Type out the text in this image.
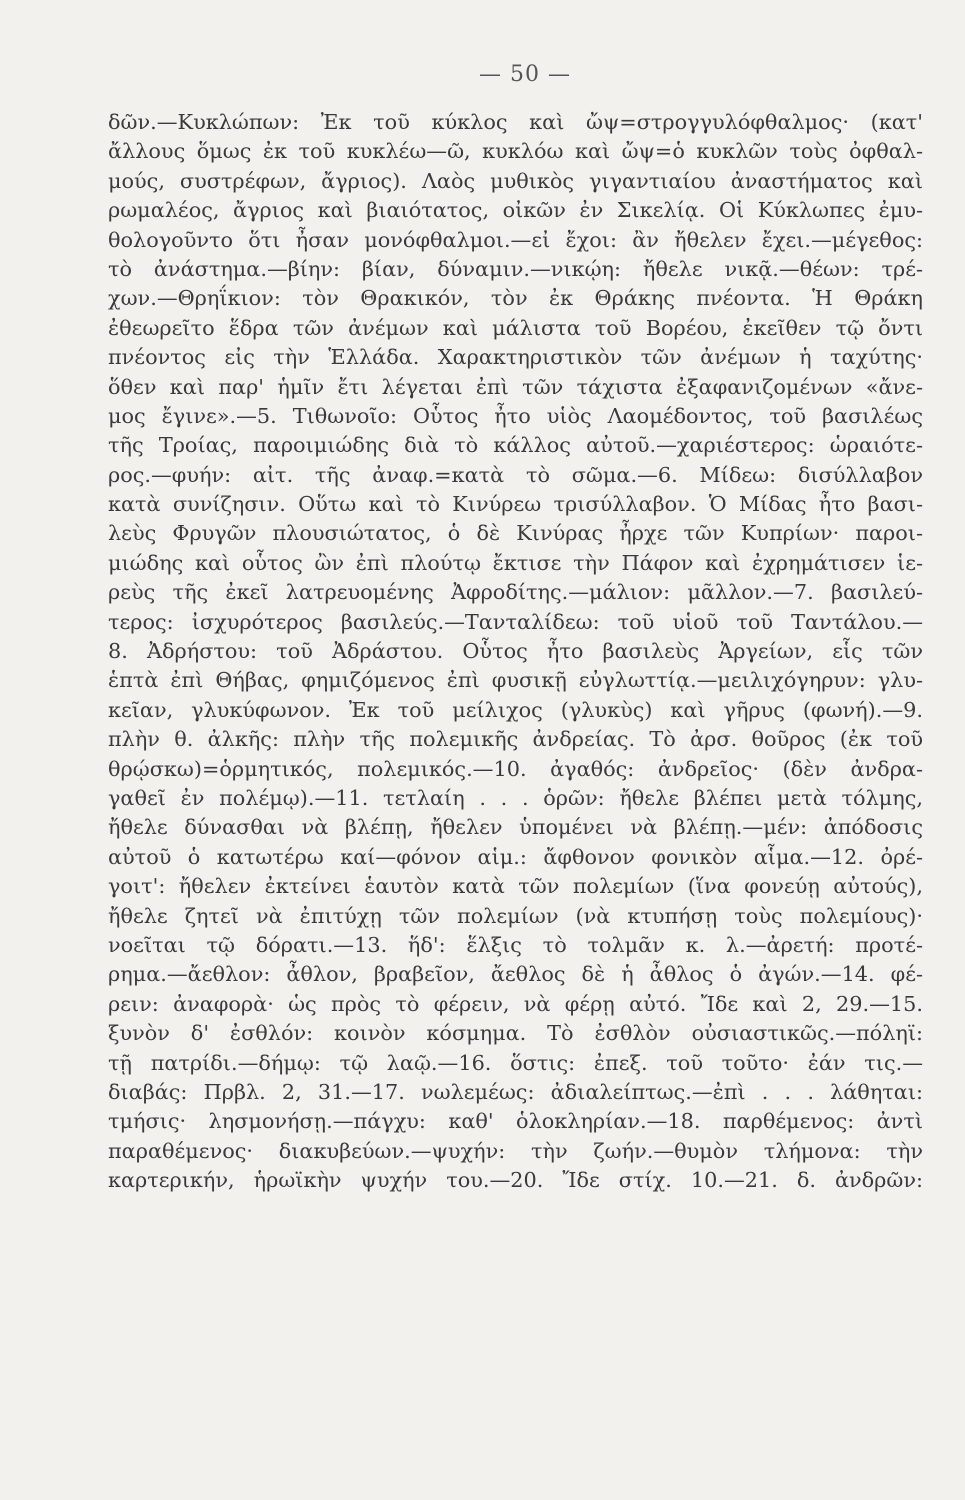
— 50 —
δῶν.—Κυκλώπων: Ἐκ τοῦ κύκλος καὶ ὤψ=στρογγυλόφθαλμος· (κατ'
ἄλλους ὅμως ἐκ τοῦ κυκλέω—ῶ, κυκλόω καὶ ὤψ=ὁ κυκλῶν τοὺς ὀφθαλ-
μούς, συστρέφων, ἄγριος). Λαὸς μυθικὸς γιγαντιαίου ἀναστήματος καὶ
ρωμαλέος, ἄγριος καὶ βιαιότατος, οἰκῶν ἐν Σικελίᾳ. Οἱ Κύκλωπες ἐμυ-
θολογοῦντο ὅτι ἦσαν μονόφθαλμοι.—εἰ ἔχοι: ἂν ἤθελεν ἔχει.—μέγεθος:
τὸ ἀνάστημα.—βίην: βίαν, δύναμιν.—νικῴη: ἤθελε νικᾷ.—θέων: τρέ-
χων.—Θρηΐκιον: τὸν Θρακικόν, τὸν ἐκ Θράκης πνέοντα. Ἡ Θράκη
ἐθεωρεῖτο ἕδρα τῶν ἀνέμων καὶ μάλιστα τοῦ Βορέου, ἐκεῖθεν τῷ ὄντι
πνέοντος εἰς τὴν Ἑλλάδα. Χαρακτηριστικὸν τῶν ἀνέμων ἡ ταχύτης·
ὅθεν καὶ παρ' ἡμῖν ἔτι λέγεται ἐπὶ τῶν τάχιστα ἐξαφανιζομένων «ἄνε-
μος ἔγινε».—5. Τιθωνοῖο: Οὗτος ἦτο υἱὸς Λαομέδοντος, τοῦ βασιλέως
τῆς Τροίας, παροιμιώδης διὰ τὸ κάλλος αὐτοῦ.—χαριέστερος: ὡραιότε-
ρος.—φυήν: αἰτ. τῆς ἀναφ.=κατὰ τὸ σῶμα.—6. Μίδεω: δισύλλαβον
κατὰ συνίζησιν. Οὕτω καὶ τὸ Κινύρεω τρισύλλαβον. Ὁ Μίδας ἦτο βασι-
λεὺς Φρυγῶν πλουσιώτατος, ὁ δὲ Κινύρας ἦρχε τῶν Κυπρίων· παροι-
μιώδης καὶ οὗτος ὢν ἐπὶ πλούτῳ ἔκτισε τὴν Πάφον καὶ ἐχρημάτισεν ἱε-
ρεὺς τῆς ἐκεῖ λατρευομένης Ἀφροδίτης.—μάλιον: μᾶλλον.—7. βασιλεύ-
τερος: ἰσχυρότερος βασιλεύς.—Τανταλίδεω: τοῦ υἱοῦ τοῦ Ταντάλου.—
8. Ἀδρήστου: τοῦ Ἀδράστου. Οὗτος ἦτο βασιλεὺς Ἀργείων, εἷς τῶν
ἑπτὰ ἐπὶ Θήβας, φημιζόμενος ἐπὶ φυσικῇ εὐγλωττίᾳ.—μειλιχόγηρυν: γλυ-
κεῖαν, γλυκύφωνον. Ἐκ τοῦ μείλιχος (γλυκὺς) καὶ γῆρυς (φωνή).—9.
πλὴν θ. ἀλκῆς: πλὴν τῆς πολεμικῆς ἀνδρείας. Τὸ ἀρσ. θοῦρος (ἐκ τοῦ
θρῴσκω)=ὁρμητικός, πολεμικός.—10. ἀγαθός: ἀνδρεῖος· (δὲν ἀνδρα-
γαθεῖ ἐν πολέμῳ).—11. τετλαίη . . . ὁρῶν: ἤθελε βλέπει μετὰ τόλμης,
ἤθελε δύνασθαι νὰ βλέπῃ, ἤθελεν ὑπομένει νὰ βλέπῃ.—μέν: ἀπόδοσις
αὐτοῦ ὁ κατωτέρω καί—φόνον αἱμ.: ἄφθονον φονικὸν αἷμα.—12. ὀρέ-
γοιτ': ἤθελεν ἐκτείνει ἑαυτὸν κατὰ τῶν πολεμίων (ἵνα φονεύῃ αὐτούς),
ἤθελε ζητεῖ νὰ ἐπιτύχῃ τῶν πολεμίων (νὰ κτυπήσῃ τοὺς πολεμίους)·
νοεῖται τῷ δόρατι.—13. ἥδ': ἕλξις τὸ τολμᾶν κ. λ.—ἀρετή: προτέ-
ρημα.—ἄεθλον: ἆθλον, βραβεῖον, ἄεθλος δὲ ἡ ἆθλος ὁ ἀγών.—14. φέ-
ρειν: ἀναφορὰ· ὡς πρὸς τὸ φέρειν, νὰ φέρῃ αὐτό. Ἴδε καὶ 2, 29.—15.
ξυνὸν δ' ἐσθλόν: κοινὸν κόσμημα. Τὸ ἐσθλὸν οὐσιαστικῶς.—πόληϊ:
τῇ πατρίδι.—δήμῳ: τῷ λαῷ.—16. ὅστις: ἐπεξ. τοῦ τοῦτο· ἐάν τις.—
διαβάς: Πρβλ. 2, 31.—17. νωλεμέως: ἀδιαλείπτως.—ἐπὶ . . . λάθηται:
τμήσις· λησμονήσῃ.—πάγχυ: καθ' ὁλοκληρίαν.—18. παρθέμενος: ἀντὶ
παραθέμενος· διακυβεύων.—ψυχήν: τὴν ζωήν.—θυμὸν τλήμονα: τὴν
καρτερικήν, ἡρωϊκὴν ψυχήν του.—20. Ἴδε στίχ. 10.—21. δ. ἀνδρῶν:
